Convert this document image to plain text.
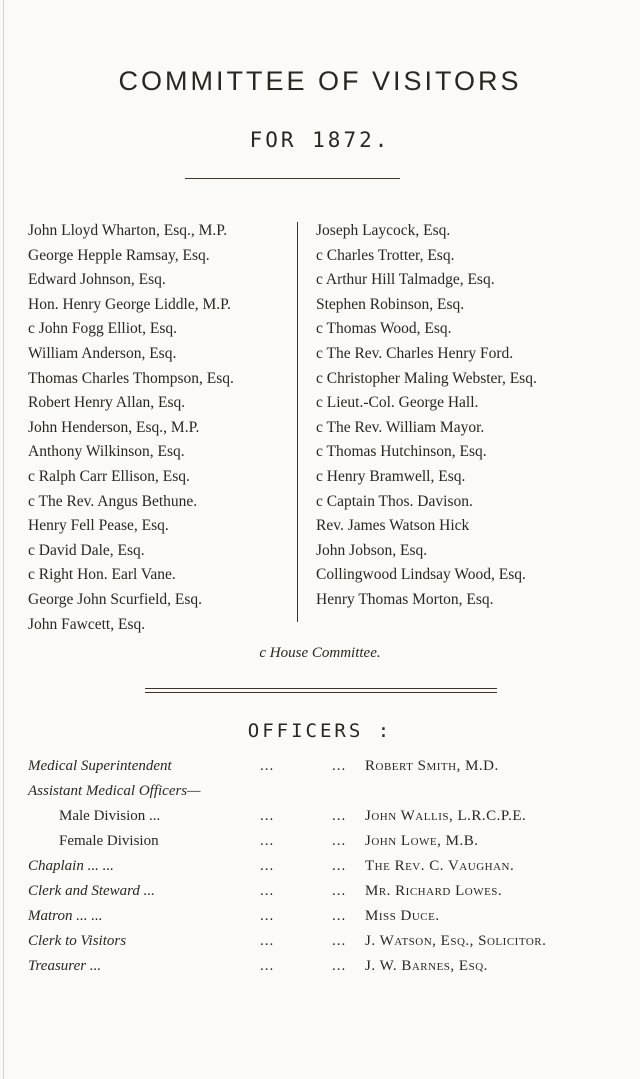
COMMITTEE OF VISITORS
FOR 1872.
John Lloyd Wharton, Esq., M.P.
George Hepple Ramsay, Esq.
Edward Johnson, Esq.
Hon. Henry George Liddle, M.P.
c John Fogg Elliot, Esq.
William Anderson, Esq.
Thomas Charles Thompson, Esq.
Robert Henry Allan, Esq.
John Henderson, Esq., M.P.
Anthony Wilkinson, Esq.
c Ralph Carr Ellison, Esq.
c The Rev. Angus Bethune.
Henry Fell Pease, Esq.
c David Dale, Esq.
c Right Hon. Earl Vane.
George John Scurfield, Esq.
John Fawcett, Esq.
Joseph Laycock, Esq.
c Charles Trotter, Esq.
c Arthur Hill Talmadge, Esq.
Stephen Robinson, Esq.
c Thomas Wood, Esq.
c The Rev. Charles Henry Ford.
c Christopher Maling Webster, Esq.
c Lieut.-Col. George Hall.
c The Rev. William Mayor.
c Thomas Hutchinson, Esq.
c Henry Bramwell, Esq.
c Captain Thos. Davison.
Rev. James Watson Hick
John Jobson, Esq.
Collingwood Lindsay Wood, Esq.
Henry Thomas Morton, Esq.
c House Committee.
OFFICERS :
Medical Superintendent	...	... Robert Smith, M.D.
Assistant Medical Officers—
Male Division ...	...	... John Wallis, L.R.C.P.E.
Female Division	...	... John Lowe, M.B.
Chaplain ... ...	...	... The Rev. C. Vaughan.
Clerk and Steward ...	...	... Mr. Richard Lowes.
Matron ... ...	...	... Miss Duce.
Clerk to Visitors	...	... J. Watson, Esq., Solicitor.
Treasurer ...	...	... J. W. Barnes, Esq.
